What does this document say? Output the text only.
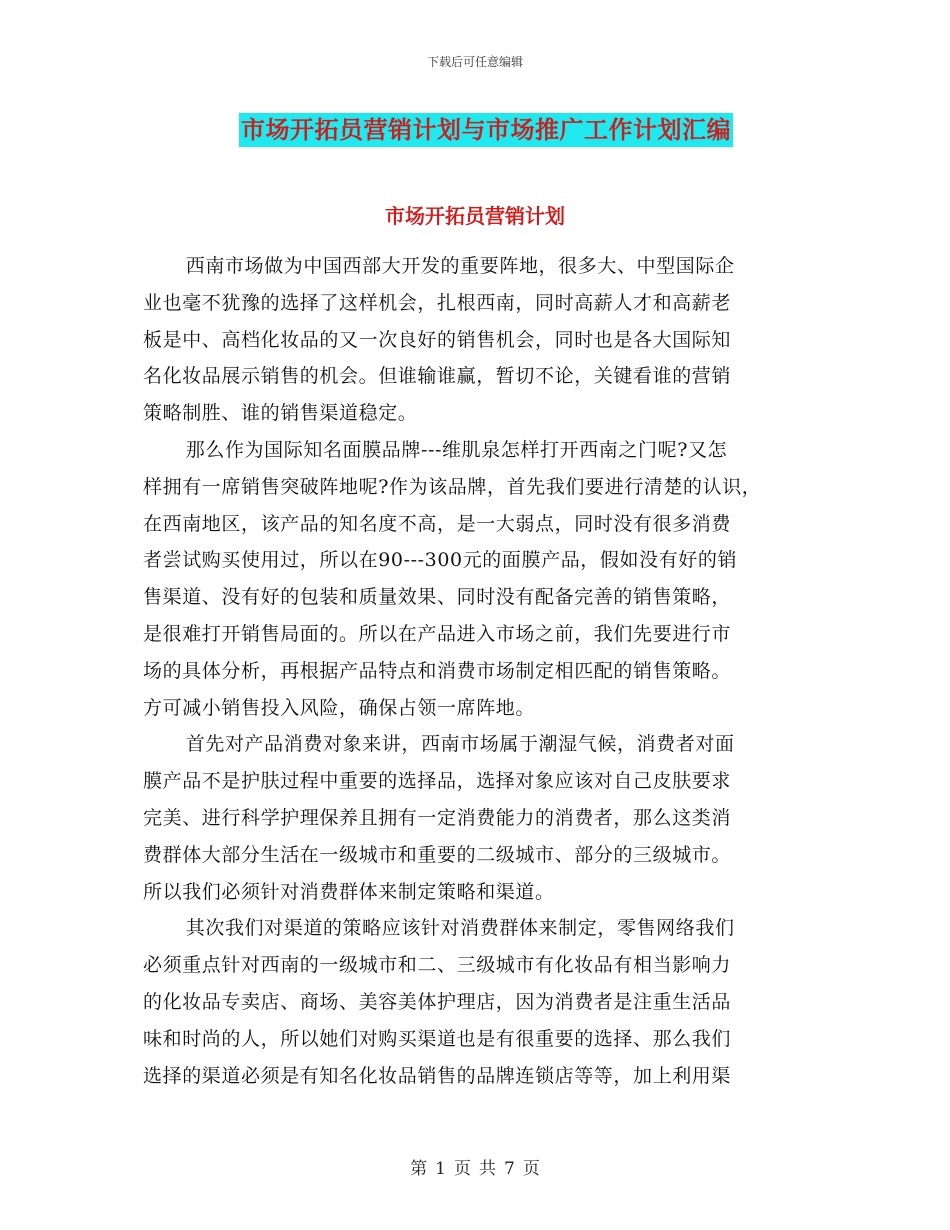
下载后可任意编辑
市场开拓员营销计划与市场推广工作计划汇编
市场开拓员营销计划
西南市场做为中国西部大开发的重要阵地，很多大、中型国际企
业也毫不犹豫的选择了这样机会，扎根西南，同时高薪人才和高薪老
板是中、高档化妆品的又一次良好的销售机会，同时也是各大国际知
名化妆品展示销售的机会。但谁输谁赢，暂切不论，关键看谁的营销
策略制胜、谁的销售渠道稳定。
那么作为国际知名面膜品牌---维肌泉怎样打开西南之门呢?又怎
样拥有一席销售突破阵地呢?作为该品牌，首先我们要进行清楚的认识，
在西南地区，该产品的知名度不高，是一大弱点，同时没有很多消费
者尝试购买使用过，所以在90---300元的面膜产品，假如没有好的销
售渠道、没有好的包装和质量效果、同时没有配备完善的销售策略，
是很难打开销售局面的。所以在产品进入市场之前，我们先要进行市
场的具体分析，再根据产品特点和消费市场制定相匹配的销售策略。
方可减小销售投入风险，确保占领一席阵地。
首先对产品消费对象来讲，西南市场属于潮湿气候，消费者对面
膜产品不是护肤过程中重要的选择品，选择对象应该对自己皮肤要求
完美、进行科学护理保养且拥有一定消费能力的消费者，那么这类消
费群体大部分生活在一级城市和重要的二级城市、部分的三级城市。
所以我们必须针对消费群体来制定策略和渠道。
其次我们对渠道的策略应该针对消费群体来制定，零售网络我们
必须重点针对西南的一级城市和二、三级城市有化妆品有相当影响力
的化妆品专卖店、商场、美容美体护理店，因为消费者是注重生活品
味和时尚的人，所以她们对购买渠道也是有很重要的选择、那么我们
选择的渠道必须是有知名化妆品销售的品牌连锁店等等，加上利用渠
第 1 页 共 7 页
